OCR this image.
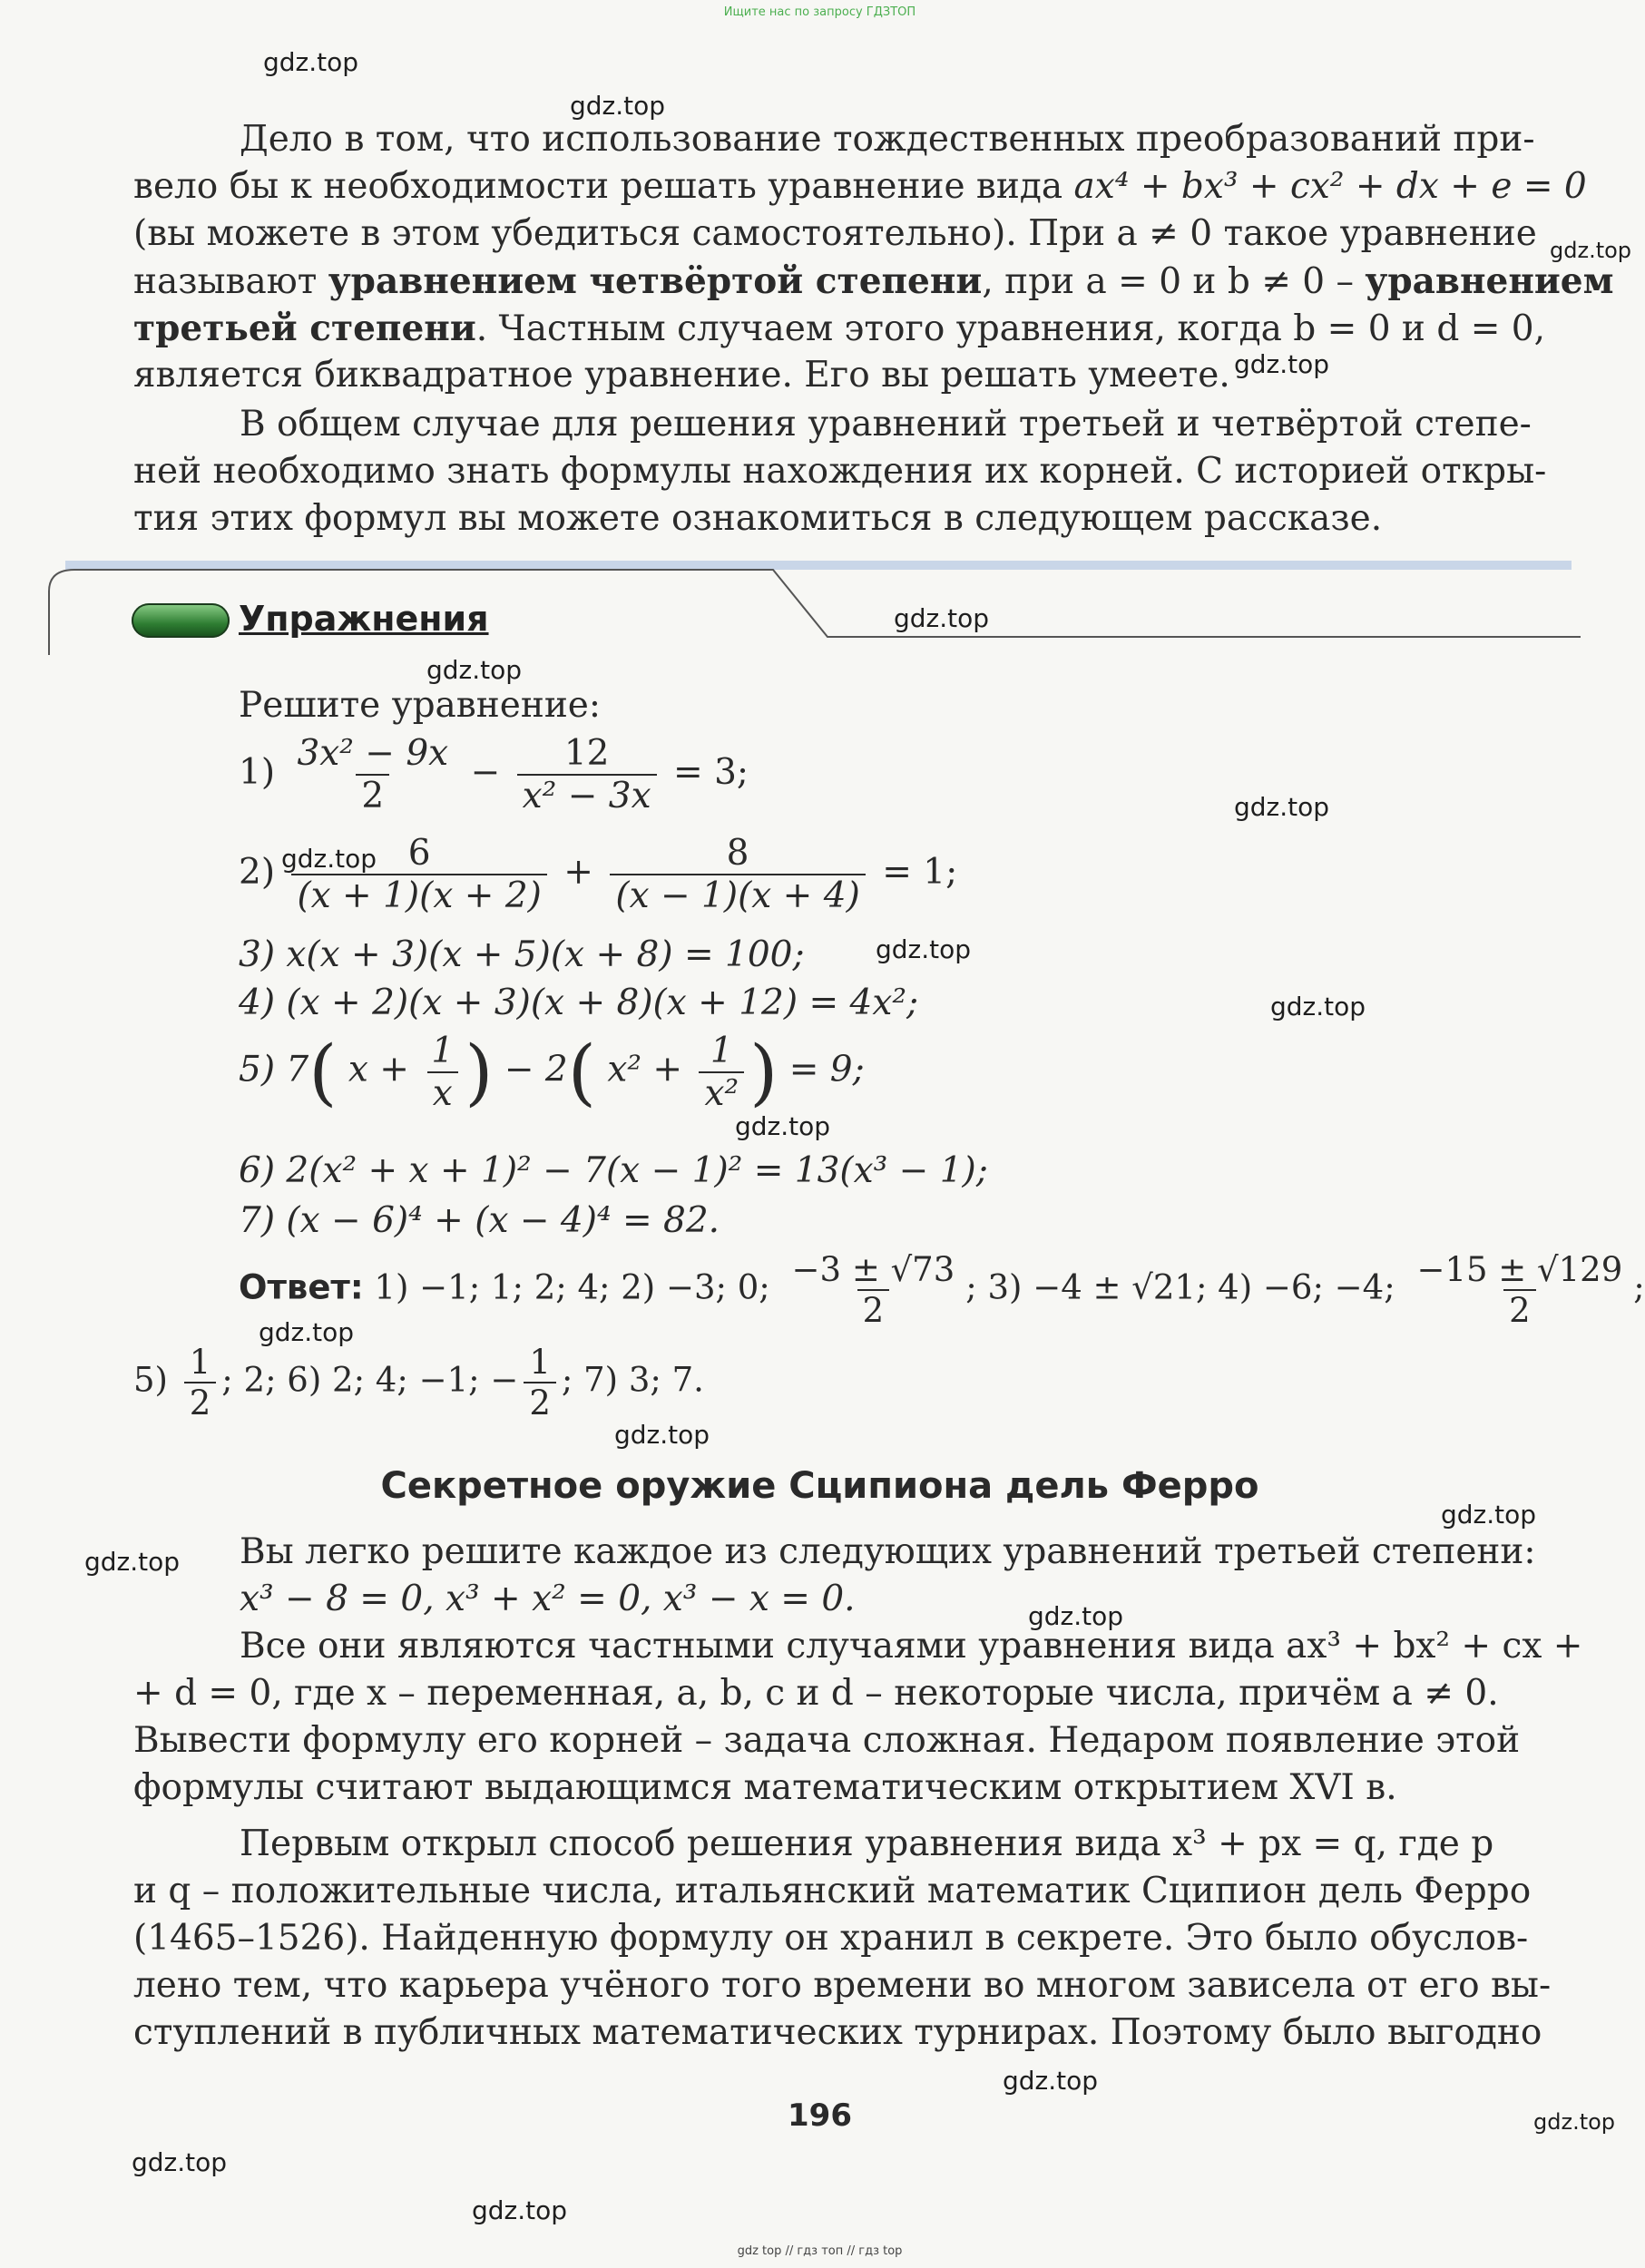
Ищите нас по запросу ГДЗТОП
gdz.top
gdz.top
gdz.top
gdz.top
gdz.top
gdz.top
gdz.top
gdz.top
gdz.top
gdz.top
gdz.top
gdz.top
gdz.top
gdz.top
gdz.top
gdz.top
gdz.top
gdz.top
gdz.top
gdz.top
Дело в том, что использование тождественных преобразований при-
вело бы к необходимости решать уравнение вида ax⁴ + bx³ + cx² + dx + e = 0
(вы можете в этом убедиться самостоятельно). При a ≠ 0 такое уравнение
называют уравнением четвёртой степени, при a = 0 и b ≠ 0 – уравнением
третьей степени. Частным случаем этого уравнения, когда b = 0 и d = 0,
является биквадратное уравнение. Его вы решать умеете.
В общем случае для решения уравнений третьей и четвёртой степе-
ней необходимо знать формулы нахождения их корней. С историей откры-
тия этих формул вы можете ознакомиться в следующем рассказе.
Упражнения
Решите уравнение:
$1) \frac{\text{3x² − 9x}}{2} - \frac{12}{\text{x² − 3x}} = 3$;
$2) \frac{6}{(x + 1)(x + 2)} + \frac{8}{(x - 1)(x + 4)} = 1$;
3) x(x + 3)(x + 5)(x + 8) = 100;
4) (x + 2)(x + 3)(x + 8)(x + 12) = 4x²;
5) 7( $x + \frac{1}{x}$ ) − 2( $x^2 + \frac{1}{\text{x²}}$ ) = 9;
6) 2(x² + x + 1)² − 7(x − 1)² = 13(x³ − 1);
7) (x − 6)⁴ + (x − 4)⁴ = 82.
Ответ: 1) −1; 1; 2; 4; 2) −3; 0; $\frac{-3 \pm √73}{2}$ ; 3) −4 ± √21; 4) −6; −4; $\frac{-15 \pm √129}{2}$ ;
$5) \frac{1}{2}$ ; 2; 6) 2; 4; −1; − $\frac{1}{2}$ ; 7) 3; 7.
Секретное оружие Сципиона дель Ферро
Вы легко решите каждое из следующих уравнений третьей степени:
x³ − 8 = 0, x³ + x² = 0, x³ − x = 0.
Все они являются частными случаями уравнения вида ax³ + bx² + cx +
+ d = 0, где x – переменная, a, b, c и d – некоторые числа, причём a ≠ 0.
Вывести формулу его корней – задача сложная. Недаром появление этой
формулы считают выдающимся математическим открытием XVI в.
Первым открыл способ решения уравнения вида x³ + px = q, где p
и q – положительные числа, итальянский математик Сципион дель Ферро
(1465–1526). Найденную формулу он хранил в секрете. Это было обуслов-
лено тем, что карьера учёного того времени во многом зависела от его вы-
ступлений в публичных математических турнирах. Поэтому было выгодно
196
gdz top // гдз топ // гдз top
